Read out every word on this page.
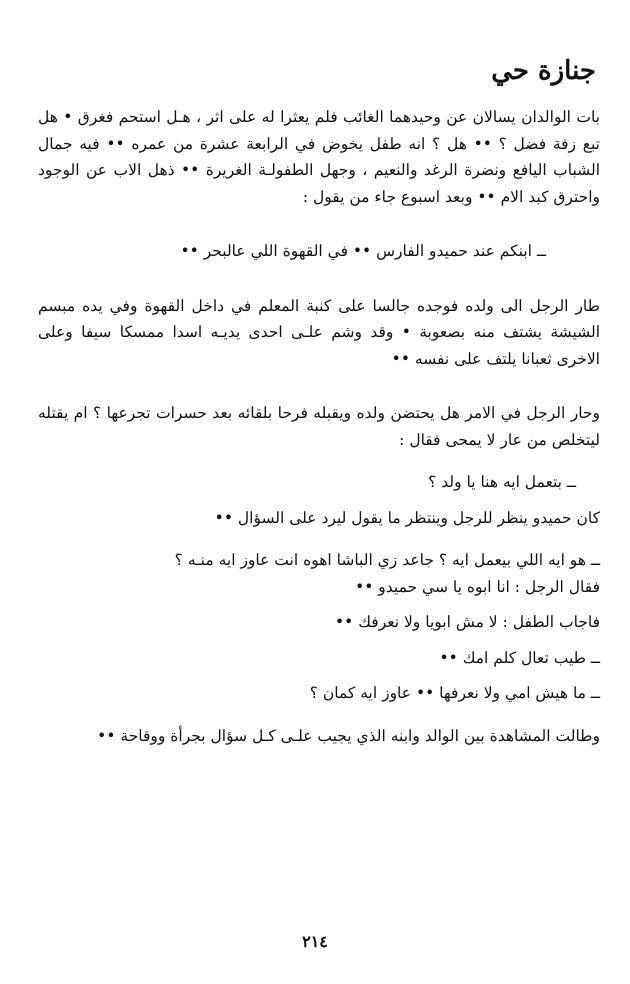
جنازة حي

بات الوالدان يسالان عن وحيدهما الغائب فلم يعثرا له على اثر ، هـل استحم فغرق • هل تبع زفة فضل ؟ •• هل ؟ انه طفل يخوض في الرابعة عشرة من عمره •• فيه جمال الشباب اليافع ونضرة الرغد والنعيم ، وجهل الطفولـة الغريرة •• ذهل الاب عن الوجود واحترق كبد الام •• وبعد اسبوع جاء من يقول :

ــ ابنكم عند حميدو الفارس •• في القهوة اللي عالبحر ••

طار الرجل الى ولده فوجده جالسا على كنبة المعلم في داخل القهوة وفي يده مبسم الشيشة يشتف منه بصعوبة • وقد وشم علـى احدى يديـه اسدا ممسكا سيفا وعلى الاخرى ثعبانا يلتف على نفسه ••

وحار الرجل في الامر هل يحتضن ولده ويقبله فرحا بلقائه بعد حسرات تجرعها ؟ ام يقتله ليتخلص من عار لا يمحى فقال :

ــ بتعمل ايه هنا يا ولد ؟

كان حميدو ينظر للرجل وينتظر ما يقول ليرد على السؤال ••

ــ هو ايه اللي بيعمل ايه ؟ جاعد زي الباشا اهوه انت عاوز ايه منـه ؟

فقال الرجل : انا ابوه يا سي حميدو ••

فاجاب الطفل : لا مش ابويا ولا نعرفك ••

ــ طيب تعال كلم امك ••

ــ ما هيش امي ولا نعرفها •• عاوز ايه كمان ؟

وطالت المشاهدة بين الوالد وابنه الذي يجيب علـى كـل سؤال بجرأة ووقاحة ••

٢١٤
